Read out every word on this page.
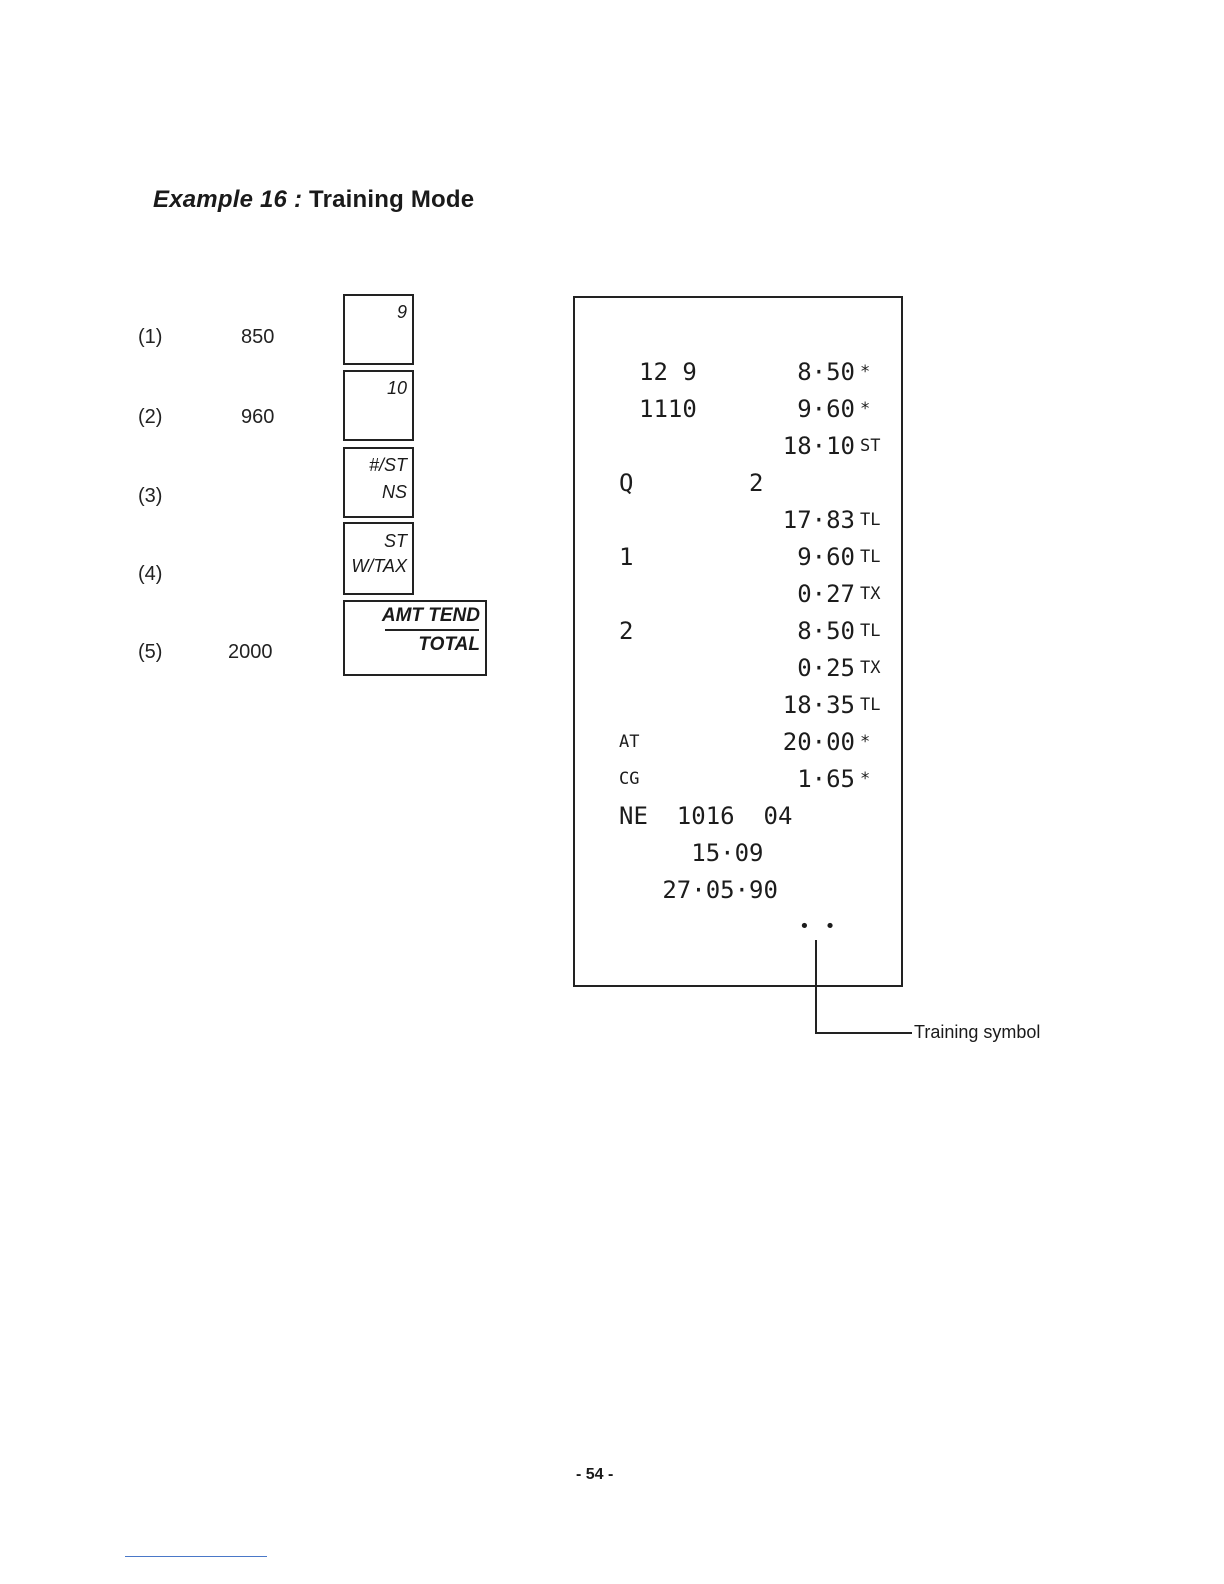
Example 16 : Training Mode
(1)	850
9
(2)	960
10
(3)
#/ST
NS
(4)
ST
W/TAX
(5)	2000
AMT TEND
TOTAL
12 9	8·50 *
1110	9·60 *
18·10 ST
Q        2
17·83 TL
1	9·60 TL
0·27 TX
2	8·50 TL
0·25 TX
18·35 TL
AT	20·00 *
CG	1·65 *
NE  1016  04
15·09
27·05·90
• •
Training symbol
- 54 -
